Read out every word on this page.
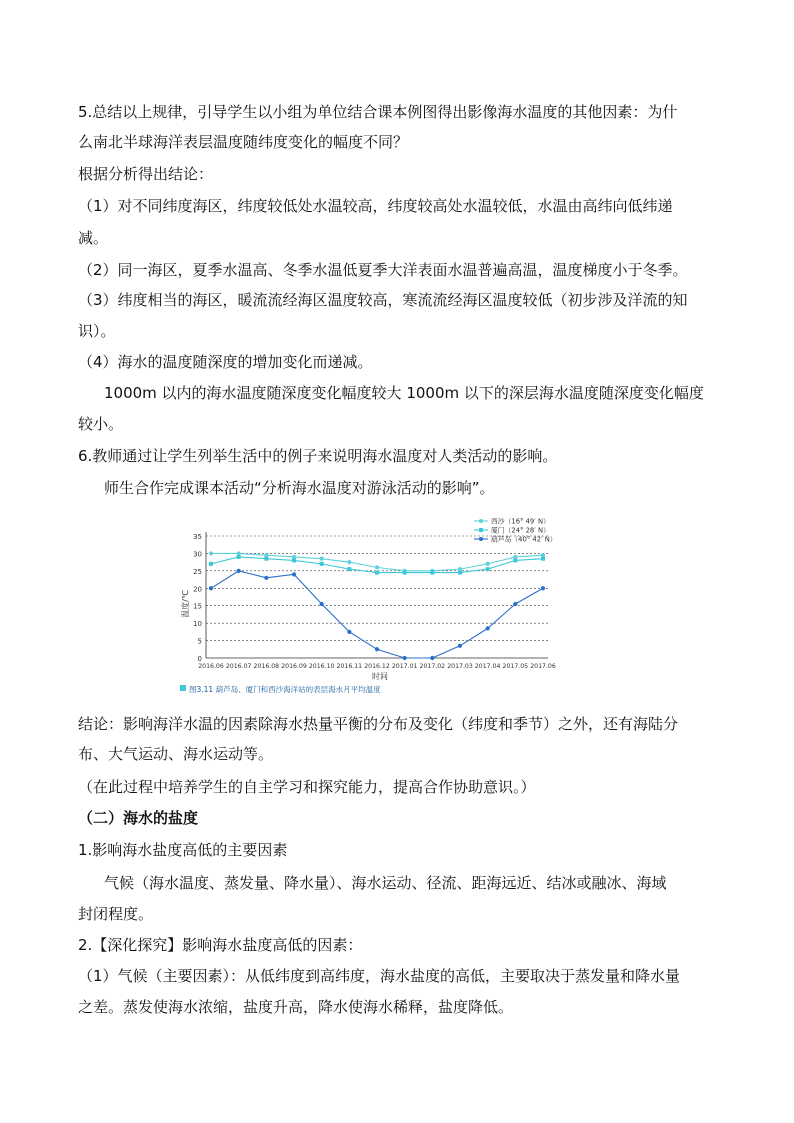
5.总结以上规律，引导学生以小组为单位结合课本例图得出影像海水温度的其他因素：为什
么南北半球海洋表层温度随纬度变化的幅度不同？
根据分析得出结论：
（1）对不同纬度海区，纬度较低处水温较高，纬度较高处水温较低，水温由高纬向低纬递
减。
（2）同一海区，夏季水温高、冬季水温低夏季大洋表面水温普遍高温，温度梯度小于冬季。
（3）纬度相当的海区，暖流流经海区温度较高，寒流流经海区温度较低（初步涉及洋流的知
识）。
（4）海水的温度随深度的增加变化而递减。
1000m 以内的海水温度随深度变化幅度较大 1000m 以下的深层海水温度随深度变化幅度
较小。
6.教师通过让学生列举生活中的例子来说明海水温度对人类活动的影响。
师生合作完成课本活动“分析海水温度对游泳活动的影响”。
0
5
10
15
20
25
30
35
2016.06 2016.07 2016.08 2016.09 2016.10 2016.11 2016.12 2017.01 2017.02 2017.03 2017.04 2017.05 2017.06
西沙（16° 49′ N）
厦门（24° 28′ N）
葫芦岛（40° 42′ N）
温度/℃
时间
图3.11 葫芦岛、厦门和西沙海洋站的表层海水月平均温度
结论：影响海洋水温的因素除海水热量平衡的分布及变化（纬度和季节）之外，还有海陆分
布、大气运动、海水运动等。
（在此过程中培养学生的自主学习和探究能力，提高合作协助意识。）
（二）海水的盐度
1.影响海水盐度高低的主要因素
气候（海水温度、蒸发量、降水量）、海水运动、径流、距海远近、结冰或融冰、海域
封闭程度。
2.【深化探究】影响海水盐度高低的因素：
（1）气候（主要因素）：从低纬度到高纬度，海水盐度的高低，主要取决于蒸发量和降水量
之差。蒸发使海水浓缩，盐度升高，降水使海水稀释，盐度降低。
